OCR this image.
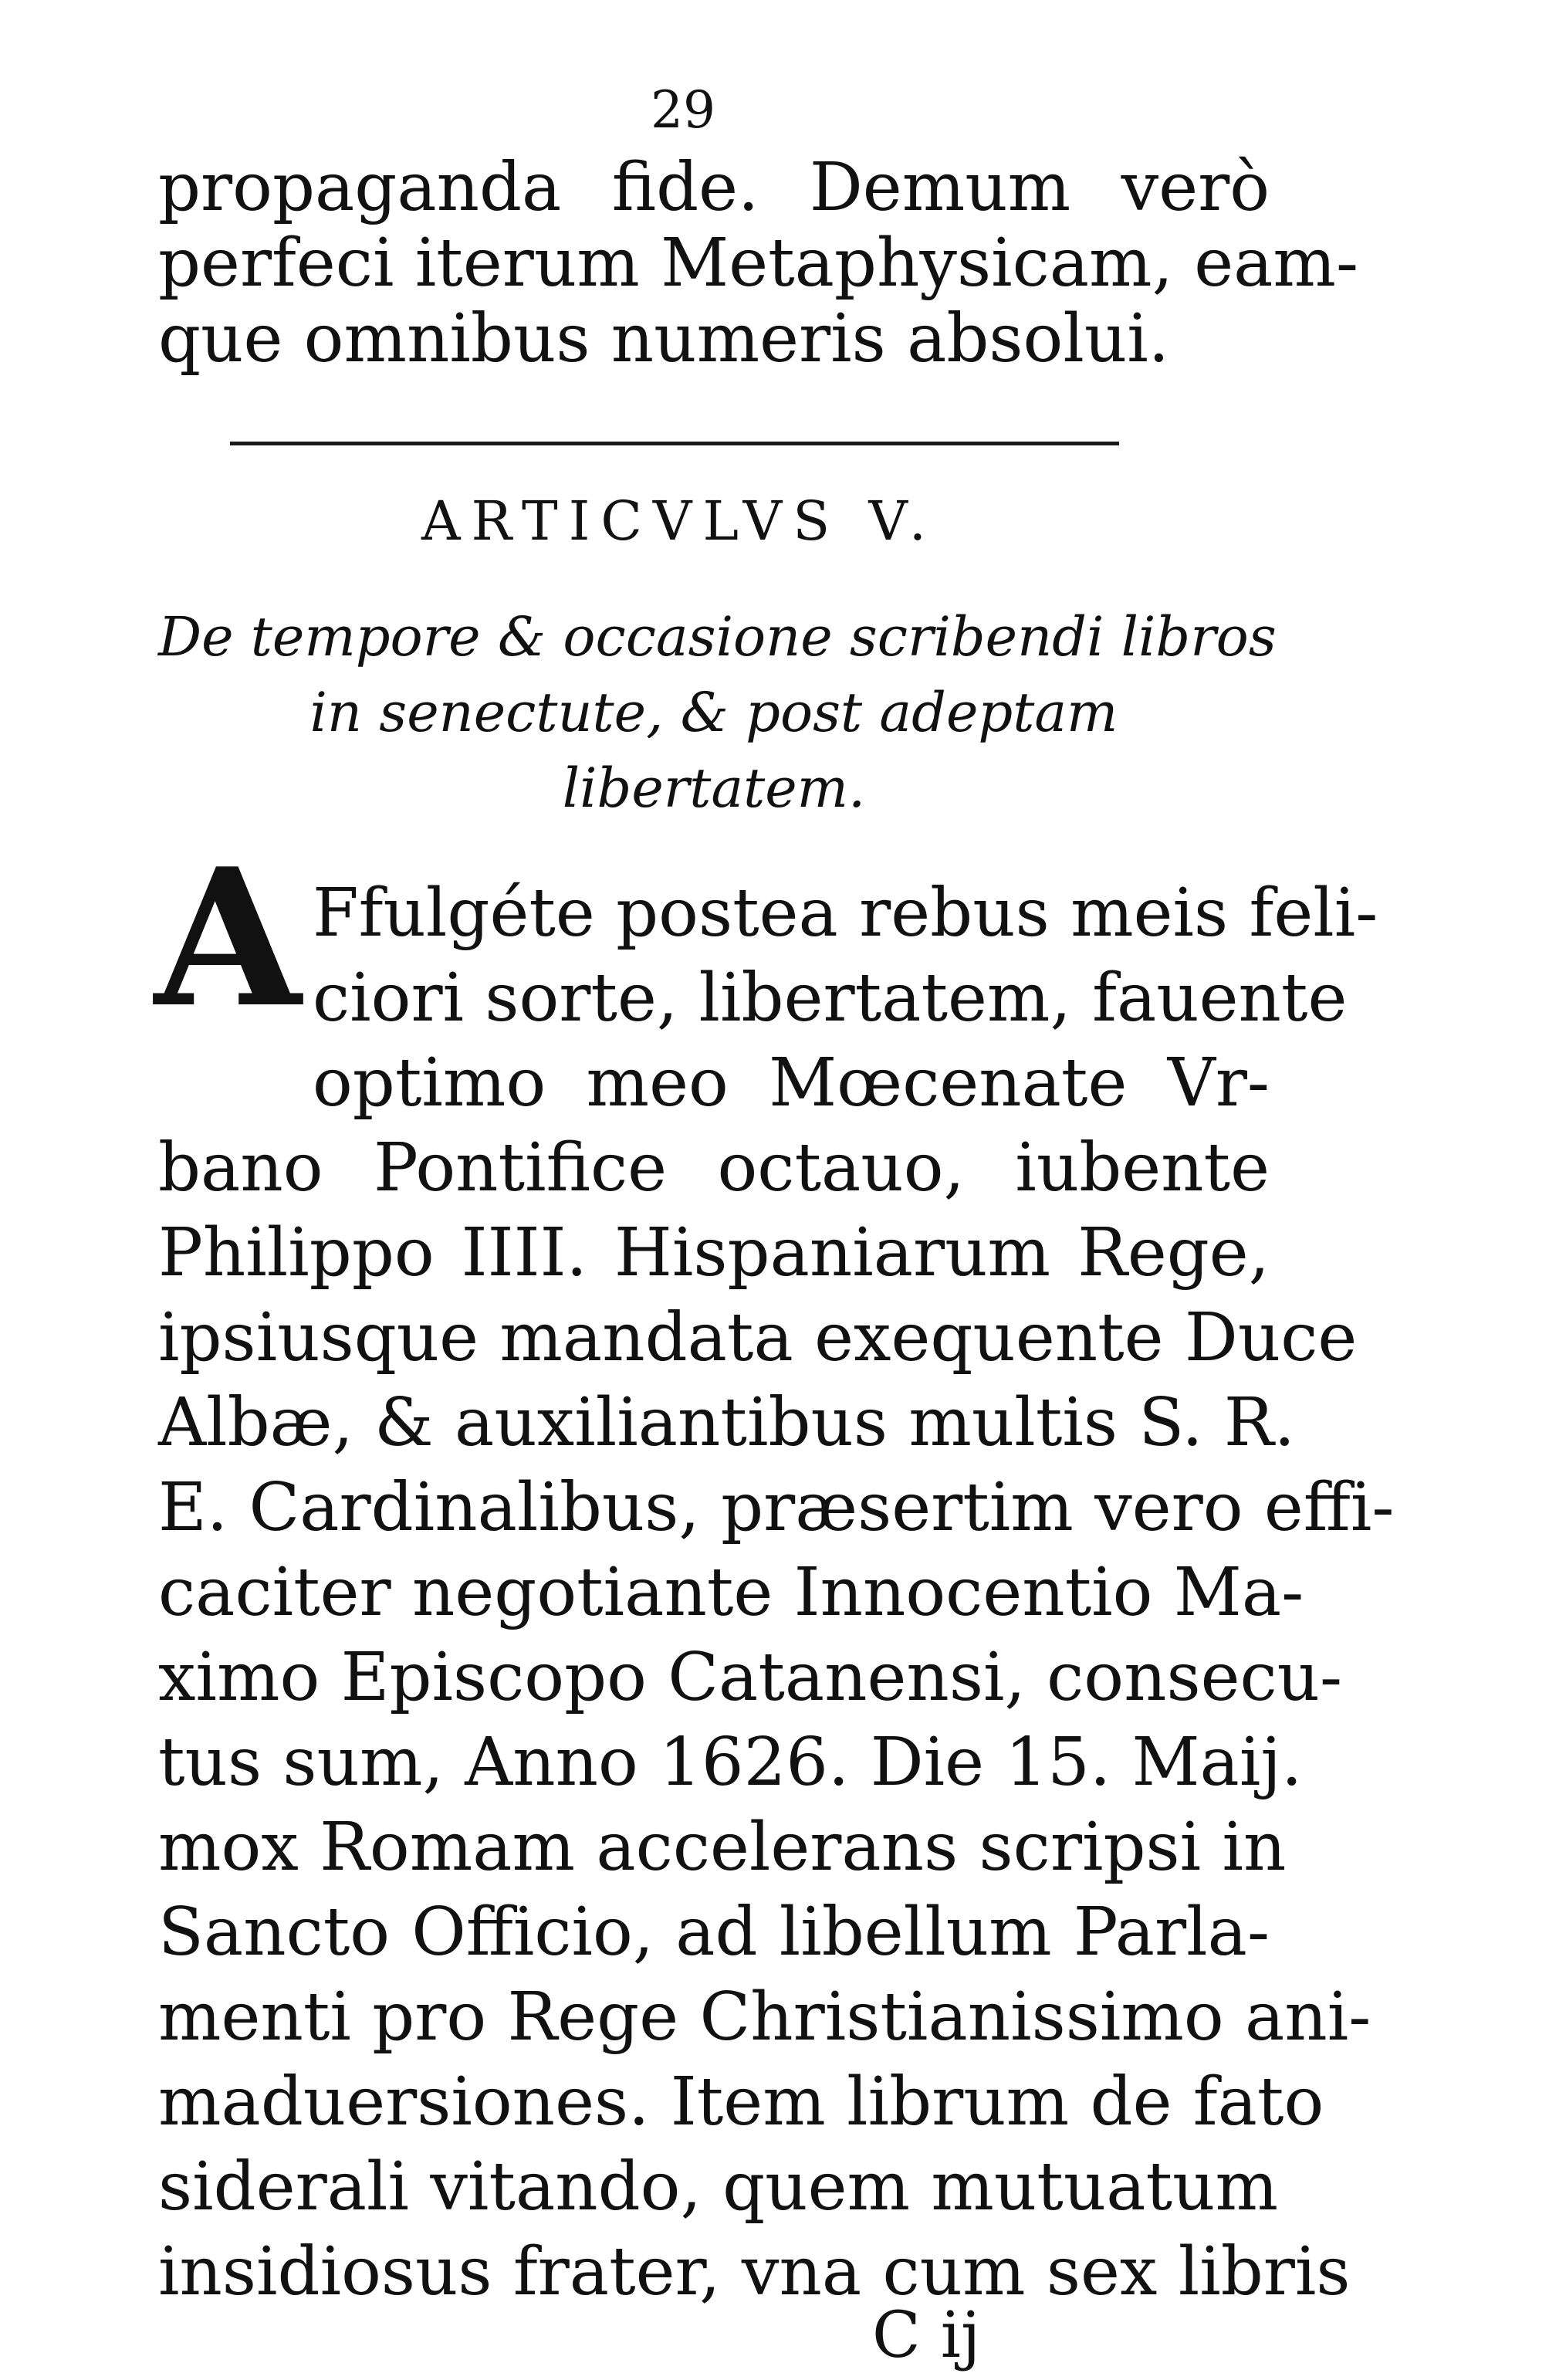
29
propaganda fide. Demum verò
perfeci iterum Metaphysicam, eam-
que omnibus numeris absolui.
ARTICVLVS V.
De tempore & occasione scribendi libros
in senectute, & post adeptam
libertatem.
A Ffulgéte postea rebus meis feli-
ciori sorte, libertatem, fauente
optimo meo Mœcenate Vr-
bano Pontifice octauo, iubente
Philippo IIII. Hispaniarum Rege,
ipsiusque mandata exequente Duce
Albæ, & auxiliantibus multis S. R.
E. Cardinalibus, præsertim vero effi-
caciter negotiante Innocentio Ma-
ximo Episcopo Catanensi, consecu-
tus sum, Anno 1626. Die 15. Maij.
mox Romam accelerans scripsi in
Sancto Officio, ad libellum Parla-
menti pro Rege Christianissimo ani-
maduersiones. Item librum de fato
siderali vitando, quem mutuatum
insidiosus frater, vna cum sex libris
C ij
